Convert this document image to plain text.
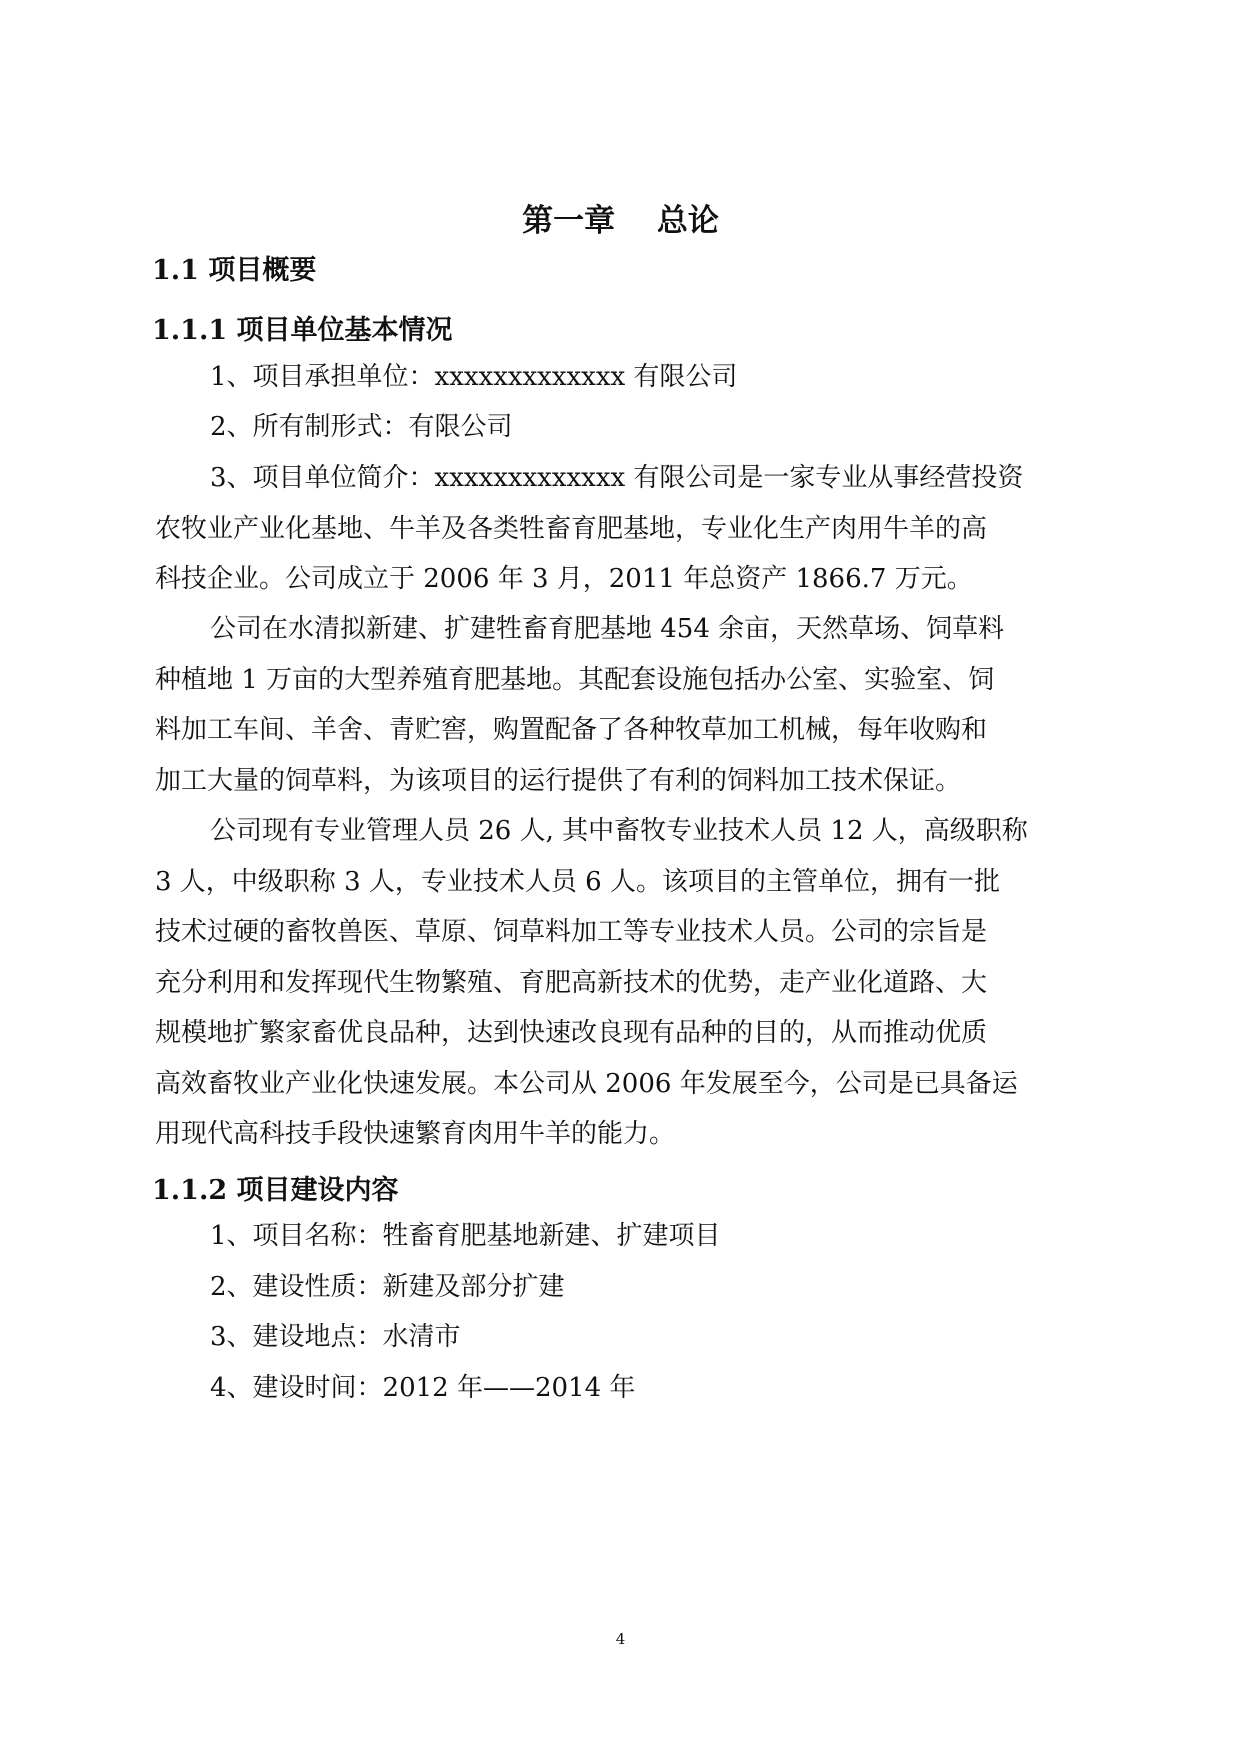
第一章　 总论
1.1 项目概要
1.1.1 项目单位基本情况
1、项目承担单位：xxxxxxxxxxxxx 有限公司
2、所有制形式：有限公司
3、项目单位简介：xxxxxxxxxxxxx 有限公司是一家专业从事经营投资
农牧业产业化基地、牛羊及各类牲畜育肥基地，专业化生产肉用牛羊的高
科技企业。公司成立于 2006 年 3 月，2011 年总资产 1866.7 万元。
公司在水清拟新建、扩建牲畜育肥基地 454 余亩，天然草场、饲草料
种植地 1 万亩的大型养殖育肥基地。其配套设施包括办公室、实验室、饲
料加工车间、羊舍、青贮窖，购置配备了各种牧草加工机械，每年收购和
加工大量的饲草料，为该项目的运行提供了有利的饲料加工技术保证。
公司现有专业管理人员 26 人, 其中畜牧专业技术人员 12 人，高级职称
3 人，中级职称 3 人，专业技术人员 6 人。该项目的主管单位，拥有一批
技术过硬的畜牧兽医、草原、饲草料加工等专业技术人员。公司的宗旨是
充分利用和发挥现代生物繁殖、育肥高新技术的优势，走产业化道路、大
规模地扩繁家畜优良品种，达到快速改良现有品种的目的，从而推动优质
高效畜牧业产业化快速发展。本公司从 2006 年发展至今，公司是已具备运
用现代高科技手段快速繁育肉用牛羊的能力。
1.1.2 项目建设内容
1、项目名称：牲畜育肥基地新建、扩建项目
2、建设性质：新建及部分扩建
3、建设地点：水清市
4、建设时间：2012 年——2014 年
4
